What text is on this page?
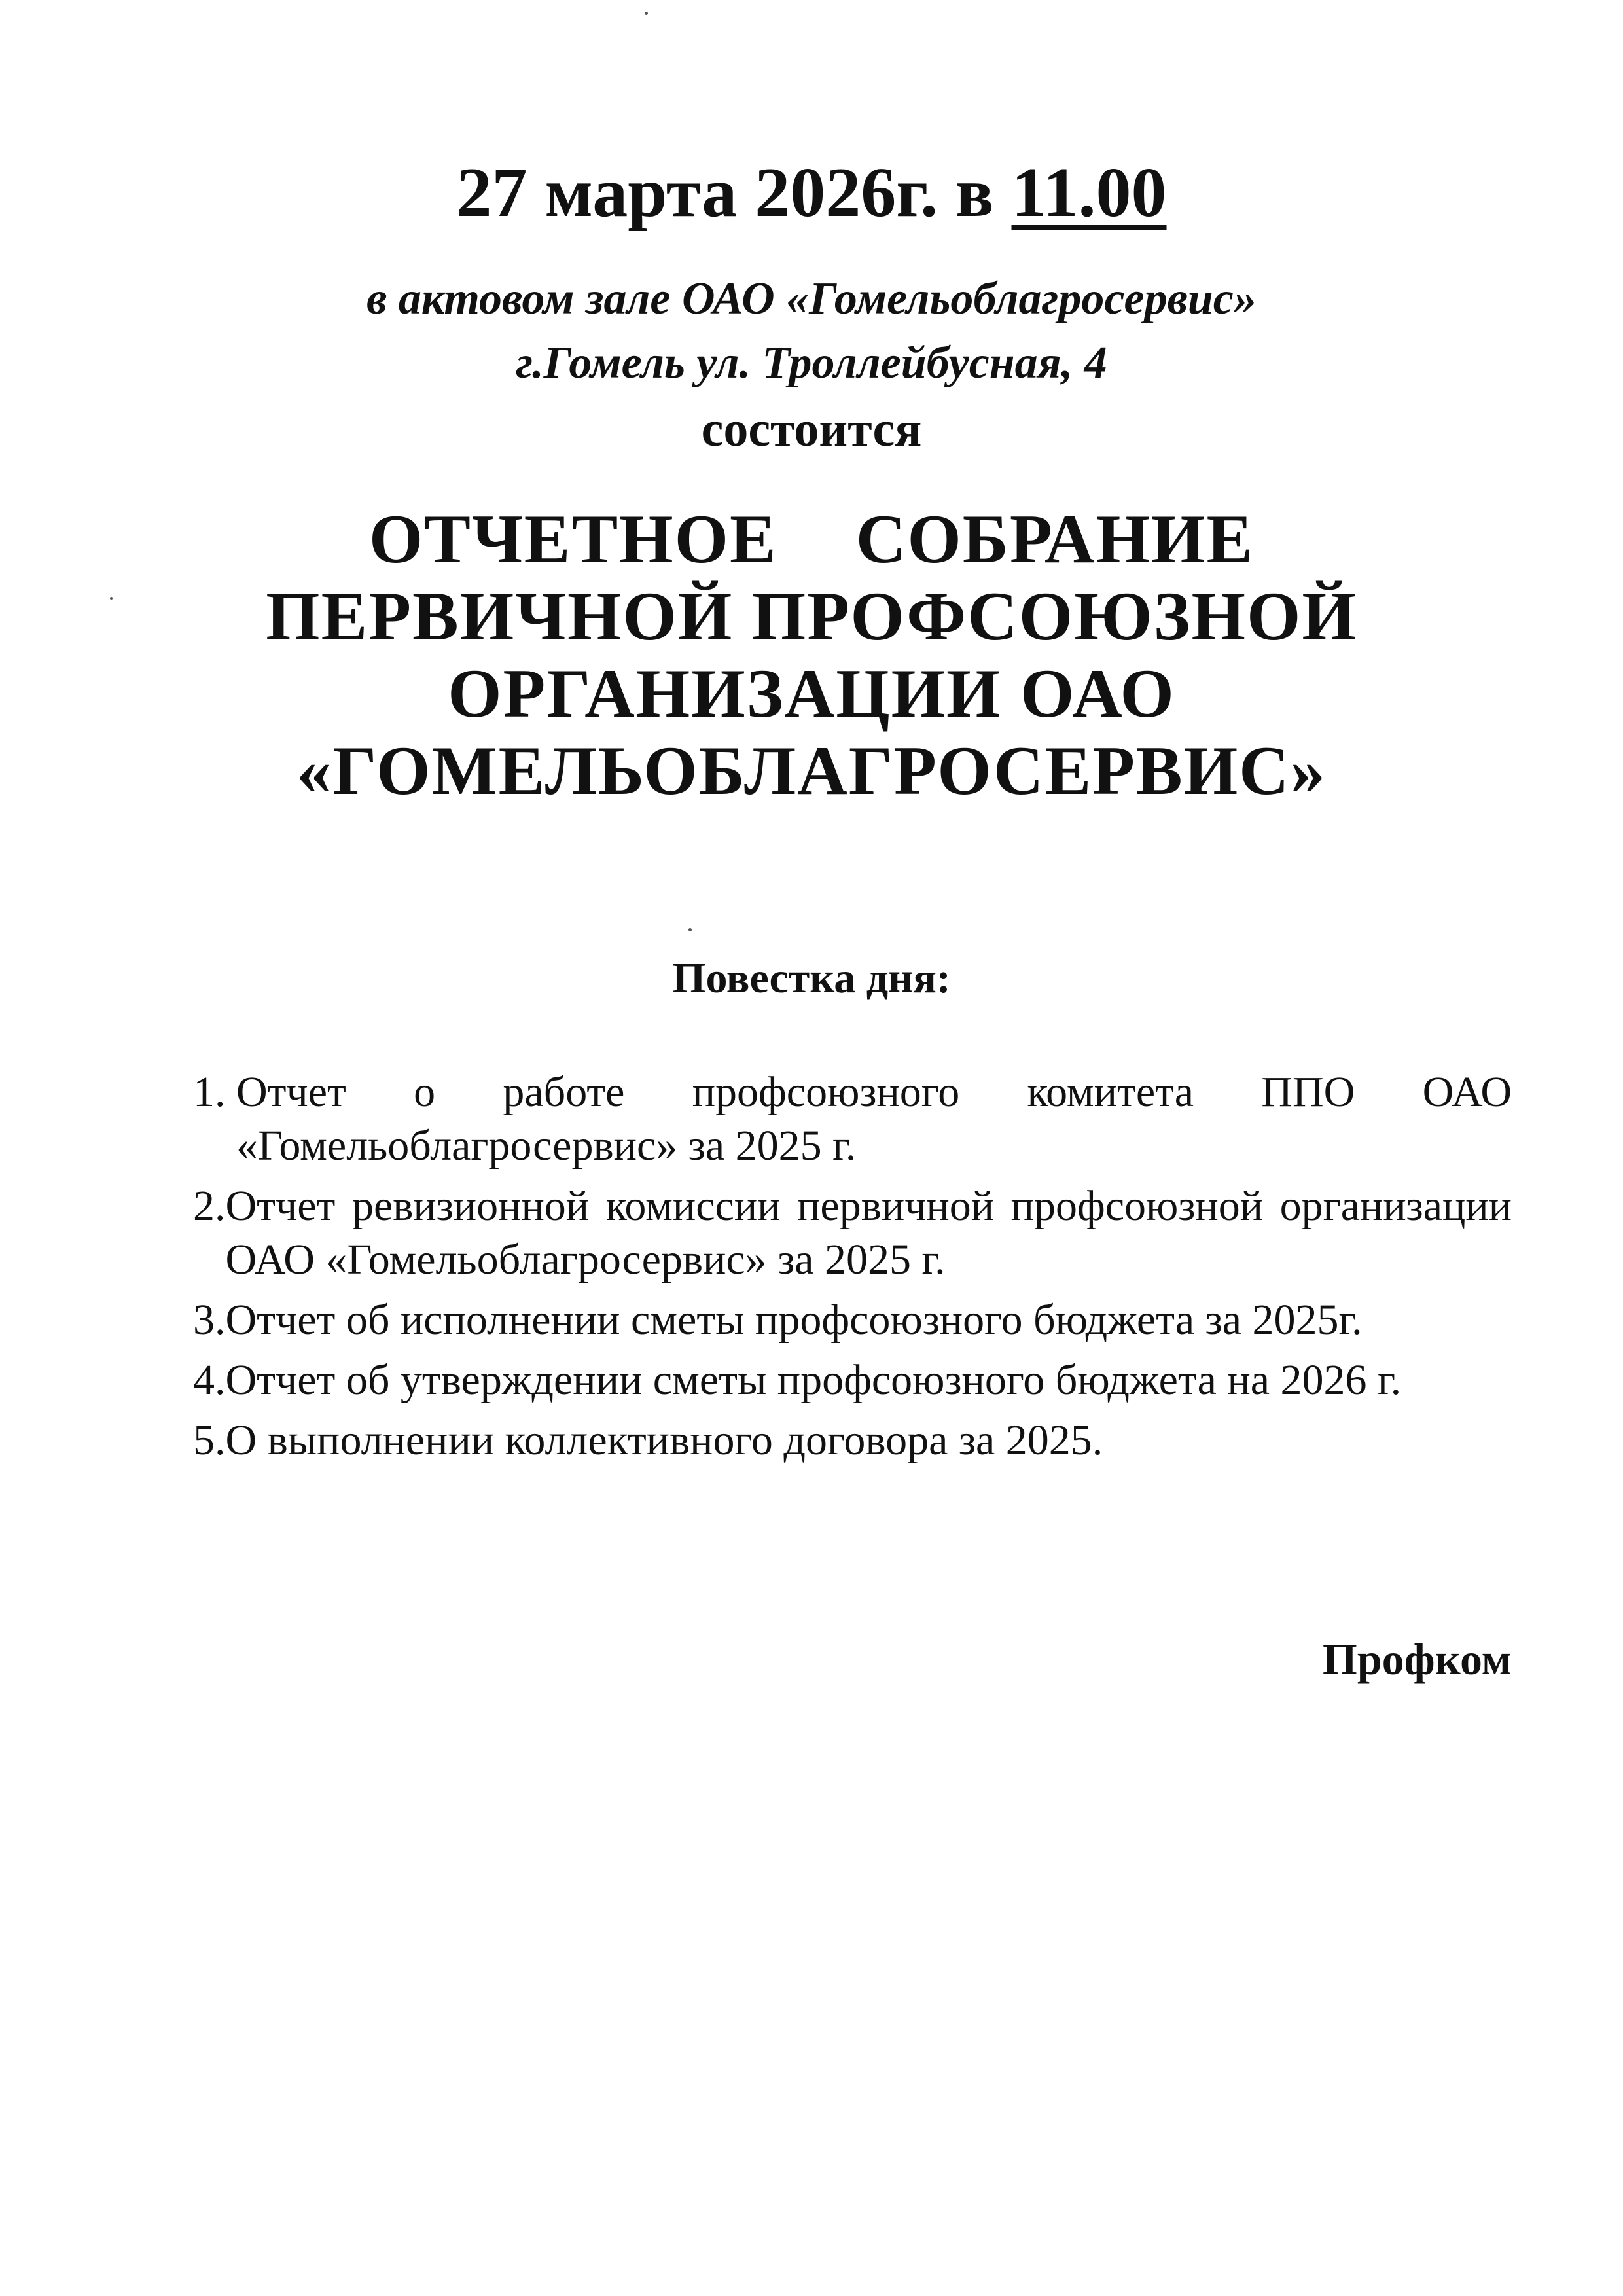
27 марта 2026г. в 11.00
в актовом зале ОАО «Гомельоблагросервис»
г.Гомель ул. Троллейбусная, 4
состоится
ОТЧЕТНОЕ СОБРАНИЕ
ПЕРВИЧНОЙ ПРОФСОЮЗНОЙ
ОРГАНИЗАЦИИ ОАО
«ГОМЕЛЬОБЛАГРОСЕРВИС»
Повестка дня:
1. Отчет о работе профсоюзного комитета ППО ОАО «Гомельоблагросервис» за 2025 г.
2. Отчет ревизионной комиссии первичной профсоюзной организации ОАО «Гомельоблагросервис» за 2025 г.
3. Отчет об исполнении сметы профсоюзного бюджета за 2025г.
4. Отчет об утверждении сметы профсоюзного бюджета на 2026 г.
5. О выполнении коллективного договора за 2025.
Профком
